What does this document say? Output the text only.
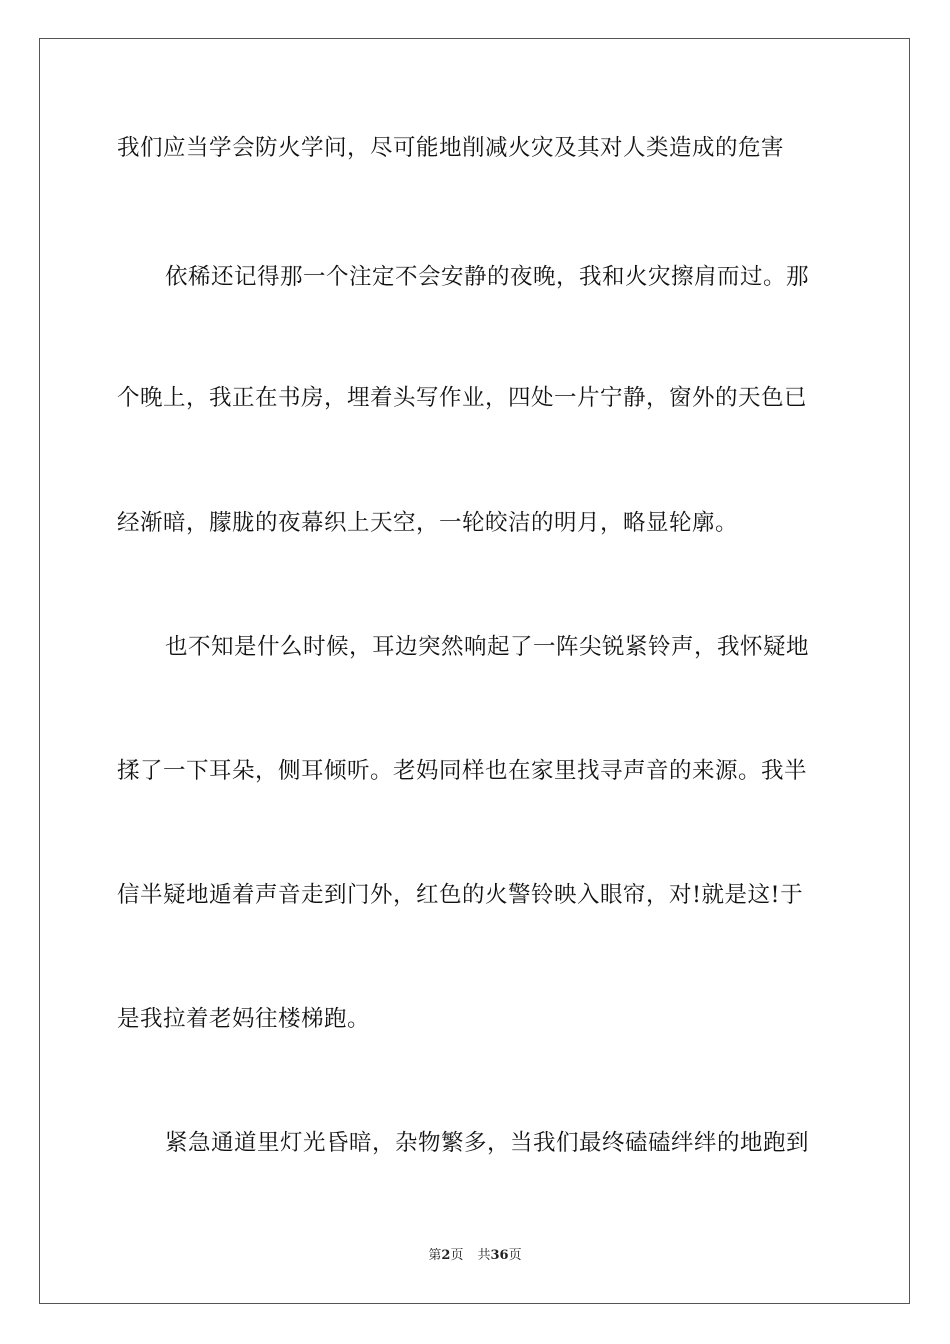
我们应当学会防火学问，尽可能地削减火灾及其对人类造成的危害
依稀还记得那一个注定不会安静的夜晚，我和火灾擦肩而过。那
个晚上，我正在书房，埋着头写作业，四处一片宁静，窗外的天色已
经渐暗，朦胧的夜幕织上天空，一轮皎洁的明月，略显轮廓。
也不知是什么时候，耳边突然响起了一阵尖锐紧铃声，我怀疑地
揉了一下耳朵，侧耳倾听。老妈同样也在家里找寻声音的来源。我半
信半疑地遁着声音走到门外，红色的火警铃映入眼帘，对!就是这!于
是我拉着老妈往楼梯跑。
紧急通道里灯光昏暗，杂物繁多，当我们最终磕磕绊绊的地跑到
第2页 共36页
